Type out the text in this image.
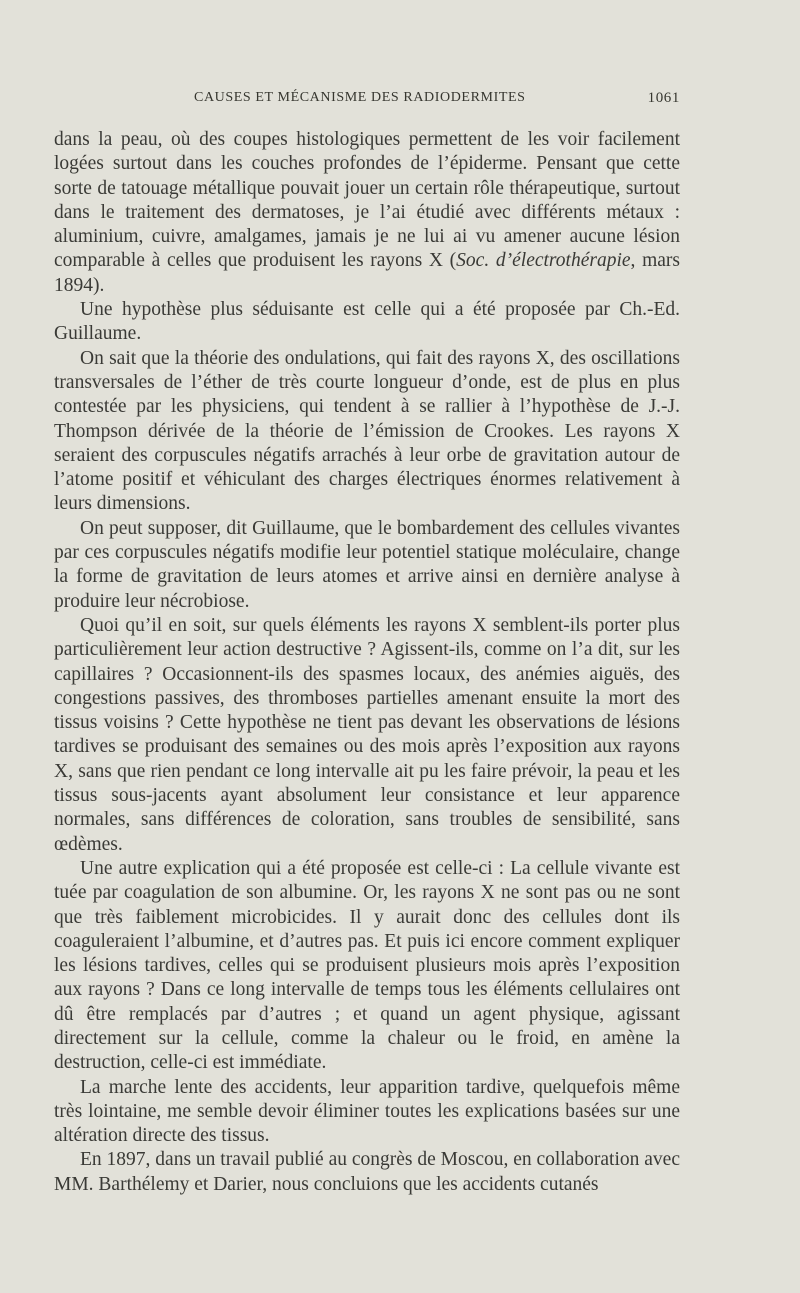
CAUSES ET MÉCANISME DES RADIODERMITES	1061

dans la peau, où des coupes histologiques permettent de les voir facilement logées surtout dans les couches profondes de l’épiderme. Pensant que cette sorte de tatouage métallique pouvait jouer un certain rôle thérapeutique, surtout dans le traitement des dermatoses, je l’ai étudié avec différents métaux : aluminium, cuivre, amalgames, jamais je ne lui ai vu amener aucune lésion comparable à celles que produisent les rayons X (Soc. d’électrothérapie, mars 1894).

Une hypothèse plus séduisante est celle qui a été proposée par Ch.-Ed. Guillaume.

On sait que la théorie des ondulations, qui fait des rayons X, des oscillations transversales de l’éther de très courte longueur d’onde, est de plus en plus contestée par les physiciens, qui tendent à se rallier à l’hypothèse de J.-J. Thompson dérivée de la théorie de l’émission de Crookes. Les rayons X seraient des corpuscules négatifs arrachés à leur orbe de gravitation autour de l’atome positif et véhiculant des charges électriques énormes relativement à leurs dimensions.

On peut supposer, dit Guillaume, que le bombardement des cellules vivantes par ces corpuscules négatifs modifie leur potentiel statique moléculaire, change la forme de gravitation de leurs atomes et arrive ainsi en dernière analyse à produire leur nécrobiose.

Quoi qu’il en soit, sur quels éléments les rayons X semblent-ils porter plus particulièrement leur action destructive ? Agissent-ils, comme on l’a dit, sur les capillaires ? Occasionnent-ils des spasmes locaux, des anémies aiguës, des congestions passives, des thromboses partielles amenant ensuite la mort des tissus voisins ? Cette hypothèse ne tient pas devant les observations de lésions tardives se produisant des semaines ou des mois après l’exposition aux rayons X, sans que rien pendant ce long intervalle ait pu les faire prévoir, la peau et les tissus sous-jacents ayant absolument leur consistance et leur apparence normales, sans différences de coloration, sans troubles de sensibilité, sans œdèmes.

Une autre explication qui a été proposée est celle-ci : La cellule vivante est tuée par coagulation de son albumine. Or, les rayons X ne sont pas ou ne sont que très faiblement microbicides. Il y aurait donc des cellules dont ils coaguleraient l’albumine, et d’autres pas. Et puis ici encore comment expliquer les lésions tardives, celles qui se produisent plusieurs mois après l’exposition aux rayons ? Dans ce long intervalle de temps tous les éléments cellulaires ont dû être remplacés par d’autres ; et quand un agent physique, agissant directement sur la cellule, comme la chaleur ou le froid, en amène la destruction, celle-ci est immédiate.

La marche lente des accidents, leur apparition tardive, quelquefois même très lointaine, me semble devoir éliminer toutes les explications basées sur une altération directe des tissus.

En 1897, dans un travail publié au congrès de Moscou, en collaboration avec MM. Barthélemy et Darier, nous concluions que les accidents cutanés
